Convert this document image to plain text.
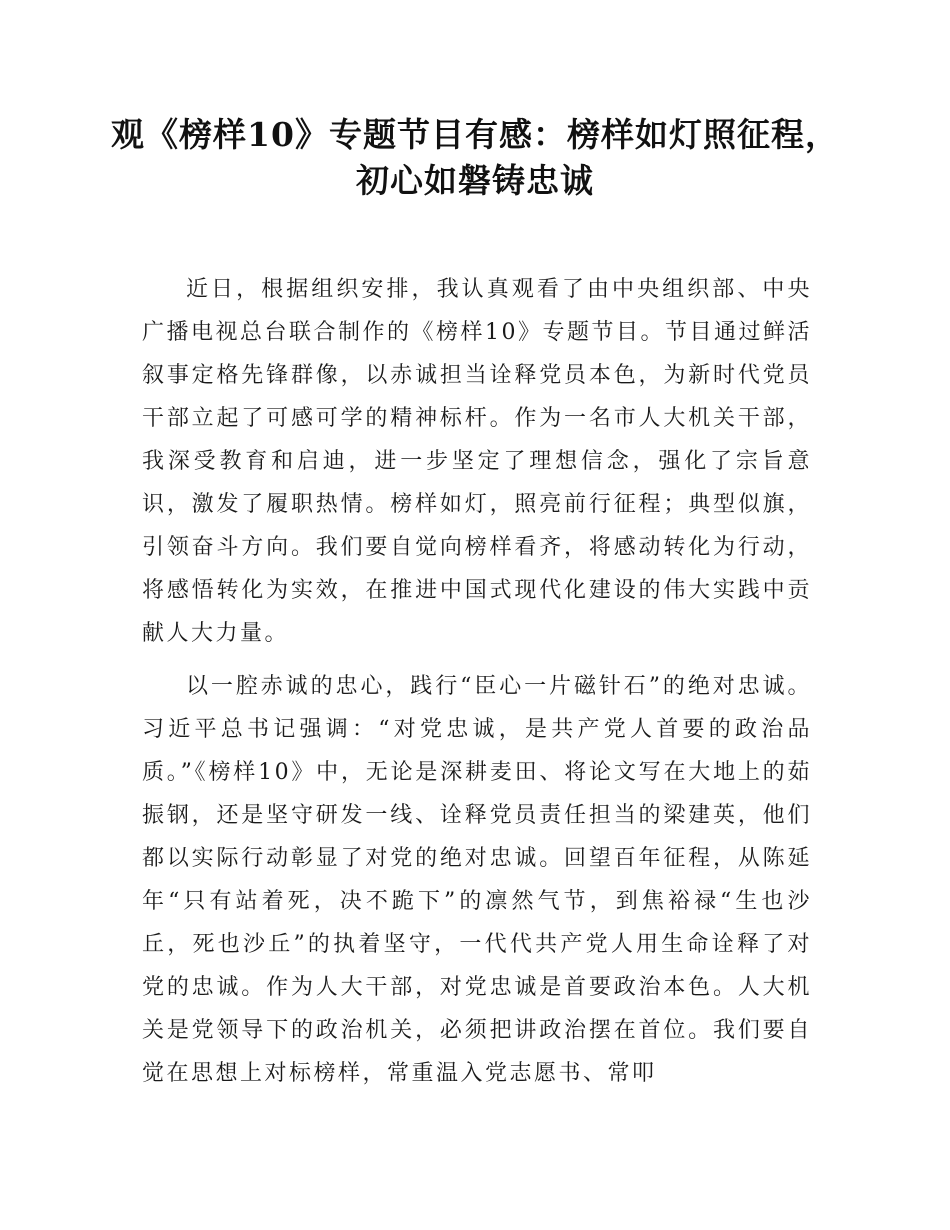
观《榜样10》专题节目有感：榜样如灯照征程，初心如磐铸忠诚

近日，根据组织安排，我认真观看了由中央组织部、中央广播电视总台联合制作的《榜样10》专题节目。节目通过鲜活叙事定格先锋群像，以赤诚担当诠释党员本色，为新时代党员干部立起了可感可学的精神标杆。作为一名市人大机关干部，我深受教育和启迪，进一步坚定了理想信念，强化了宗旨意识，激发了履职热情。榜样如灯，照亮前行征程；典型似旗，引领奋斗方向。我们要自觉向榜样看齐，将感动转化为行动，将感悟转化为实效，在推进中国式现代化建设的伟大实践中贡献人大力量。

以一腔赤诚的忠心，践行“臣心一片磁针石”的绝对忠诚。习近平总书记强调：“对党忠诚，是共产党人首要的政治品质。”《榜样10》中，无论是深耕麦田、将论文写在大地上的茹振钢，还是坚守研发一线、诠释党员责任担当的梁建英，他们都以实际行动彰显了对党的绝对忠诚。回望百年征程，从陈延年“只有站着死，决不跪下”的凛然气节，到焦裕禄“生也沙丘，死也沙丘”的执着坚守，一代代共产党人用生命诠释了对党的忠诚。作为人大干部，对党忠诚是首要政治本色。人大机关是党领导下的政治机关，必须把讲政治摆在首位。我们要自觉在思想上对标榜样，常重温入党志愿书、常叩
